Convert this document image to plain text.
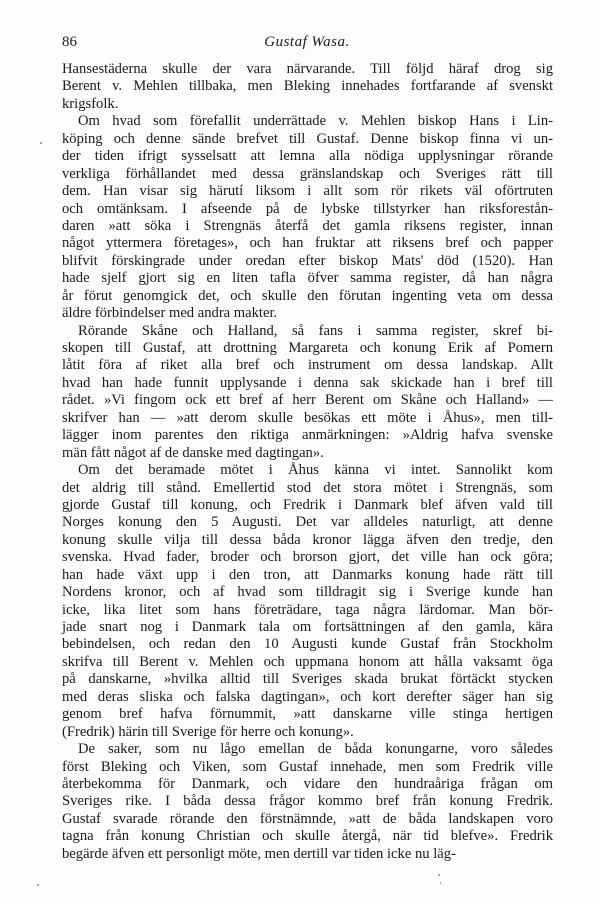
86	Gustaf Wasa.
Hansestäderna skulle der vara närvarande. Till följd häraf drog sig
Berent v. Mehlen tillbaka, men Bleking innehades fortfarande af svenskt
krigsfolk.
Om hvad som förefallit underrättade v. Mehlen biskop Hans i Lin-
köping och denne sände brefvet till Gustaf. Denne biskop finna vi un-
der tiden ifrigt sysselsatt att lemna alla nödiga upplysningar rörande
verkliga förhållandet med dessa gränslandskap och Sveriges rätt till
dem. Han visar sig härutí liksom i allt som rör rikets väl oförtruten
och omtänksam. I afseende på de lybske tillstyrker han riksforestån-
daren »att söka i Strengnäs återfå det gamla riksens register, innan
något yttermera företages», och han fruktar att riksens bref och papper
blifvit förskingrade under oredan efter biskop Mats' död (1520). Han
hade sjelf gjort sig en liten tafla öfver samma register, då han några
år förut genomgick det, och skulle den förutan ingenting veta om dessa
äldre förbindelser med andra makter.
Rörande Skåne och Halland, så fans i samma register, skref bi-
skopen till Gustaf, att drottning Margareta och konung Erik af Pomern
låtit föra af riket alla bref och instrument om dessa landskap. Allt
hvad han hade funnit upplysande i denna sak skickade han i bref till
rådet. »Vi fingom ock ett bref af herr Berent om Skåne och Halland» —
skrifver han — »att derom skulle besökas ett möte i Åhus», men till-
lägger inom parentes den riktiga anmärkningen: »Aldrig hafva svenske
män fått något af de danske med dagtingan».
Om det beramade mötet i Åhus känna vi intet. Sannolikt kom
det aldrig till stånd. Emellertid stod det stora mötet i Strengnäs, som
gjorde Gustaf till konung, och Fredrik i Danmark blef äfven vald till
Norges konung den 5 Augusti. Det var alldeles naturligt, att denne
konung skulle vilja till dessa båda kronor lägga äfven den tredje, den
svenska. Hvad fader, broder och brorson gjort, det ville han ock göra;
han hade växt upp i den tron, att Danmarks konung hade rätt till
Nordens kronor, och af hvad som tilldragit sig i Sverige kunde han
icke, lika litet som hans företrädare, taga några lärdomar. Man bör-
jade snart nog i Danmark tala om fortsättningen af den gamla, kära
bebindelsen, och redan den 10 Augusti kunde Gustaf från Stockholm
skrifva till Berent v. Mehlen och uppmana honom att hålla vaksamt öga
på danskarne, »hvilka alltid till Sveriges skada brukat förtäckt stycken
med deras sliska och falska dagtingan», och kort derefter säger han sig
genom bref hafva förnummit, »att danskarne ville stinga hertigen
(Fredrik) härin till Sverige för herre och konung».
De saker, som nu lågo emellan de båda konungarne, voro således
först Bleking och Viken, som Gustaf innehade, men som Fredrik ville
återbekomma för Danmark, och vidare den hundraåriga frågan om
Sveriges rike. I båda dessa frågor kommo bref från konung Fredrik.
Gustaf svarade rörande den förstnämnde, »att de båda landskapen voro
tagna från konung Christian och skulle återgå, när tid blefve». Fredrik
begärde äfven ett personligt möte, men dertill var tiden icke nu läg-
